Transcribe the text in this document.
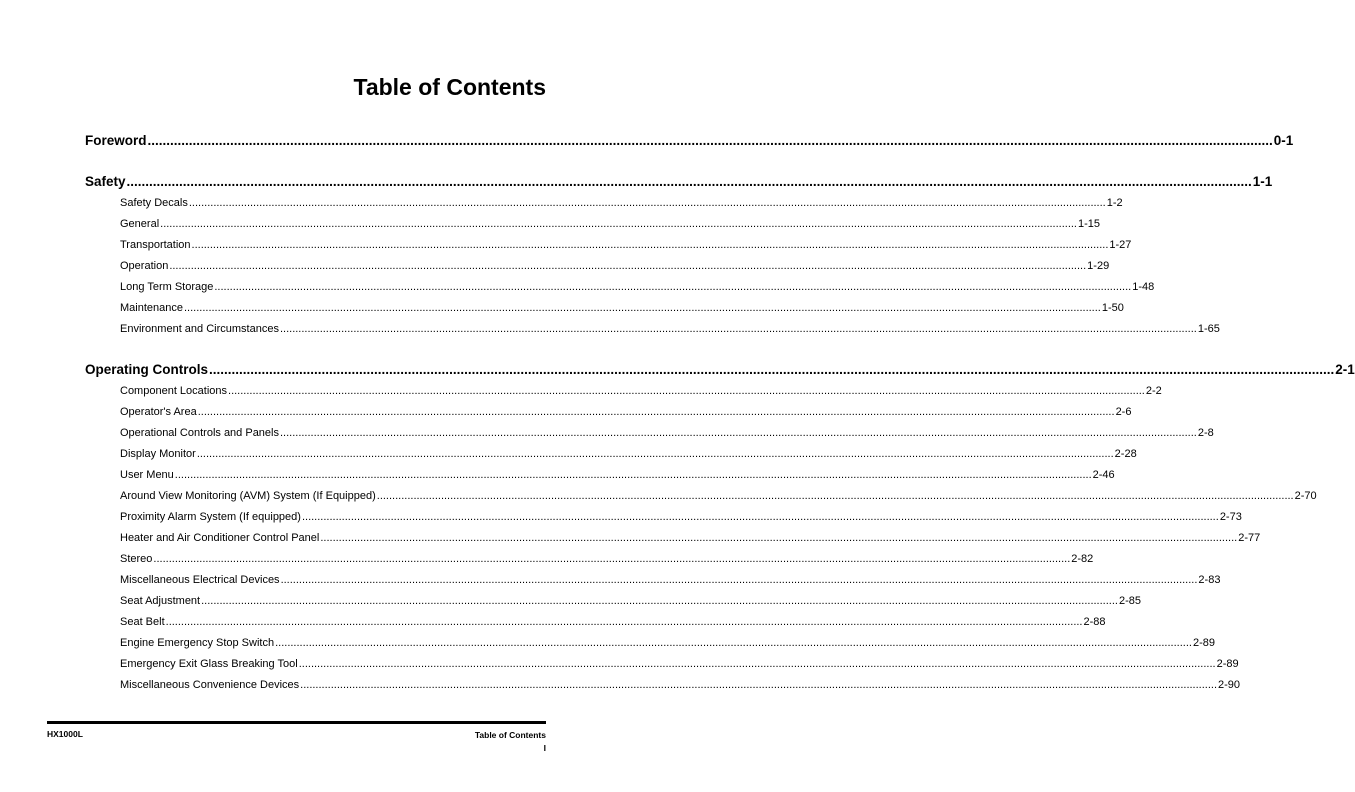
Table of Contents
Foreword ............................................................................................................................................................................................................................................................................................................ 0-1
Safety ............................................................................................................................................................................................................................................................................................................ 1-1
Safety Decals ............................................................................................................................................................................................................................................................................................................ 1-2
General ............................................................................................................................................................................................................................................................................................................ 1-15
Transportation ............................................................................................................................................................................................................................................................................................................ 1-27
Operation ............................................................................................................................................................................................................................................................................................................ 1-29
Long Term Storage ............................................................................................................................................................................................................................................................................................................ 1-48
Maintenance ............................................................................................................................................................................................................................................................................................................ 1-50
Environment and Circumstances ............................................................................................................................................................................................................................................................................................................ 1-65
Operating Controls ............................................................................................................................................................................................................................................................................................................ 2-1
Component Locations ............................................................................................................................................................................................................................................................................................................ 2-2
Operator's Area ............................................................................................................................................................................................................................................................................................................ 2-6
Operational Controls and Panels ............................................................................................................................................................................................................................................................................................................ 2-8
Display Monitor ............................................................................................................................................................................................................................................................................................................ 2-28
User Menu ............................................................................................................................................................................................................................................................................................................ 2-46
Around View Monitoring (AVM) System (If Equipped) ............................................................................................................................................................................................................................................................................................................ 2-70
Proximity Alarm System (If equipped) ............................................................................................................................................................................................................................................................................................................ 2-73
Heater and Air Conditioner Control Panel ............................................................................................................................................................................................................................................................................................................ 2-77
Stereo ............................................................................................................................................................................................................................................................................................................ 2-82
Miscellaneous Electrical Devices ............................................................................................................................................................................................................................................................................................................ 2-83
Seat Adjustment ............................................................................................................................................................................................................................................................................................................ 2-85
Seat Belt ............................................................................................................................................................................................................................................................................................................ 2-88
Engine Emergency Stop Switch ............................................................................................................................................................................................................................................................................................................ 2-89
Emergency Exit Glass Breaking Tool ............................................................................................................................................................................................................................................................................................................ 2-89
Miscellaneous Convenience Devices ............................................................................................................................................................................................................................................................................................................ 2-90
HX1000L	Table of Contents
I
